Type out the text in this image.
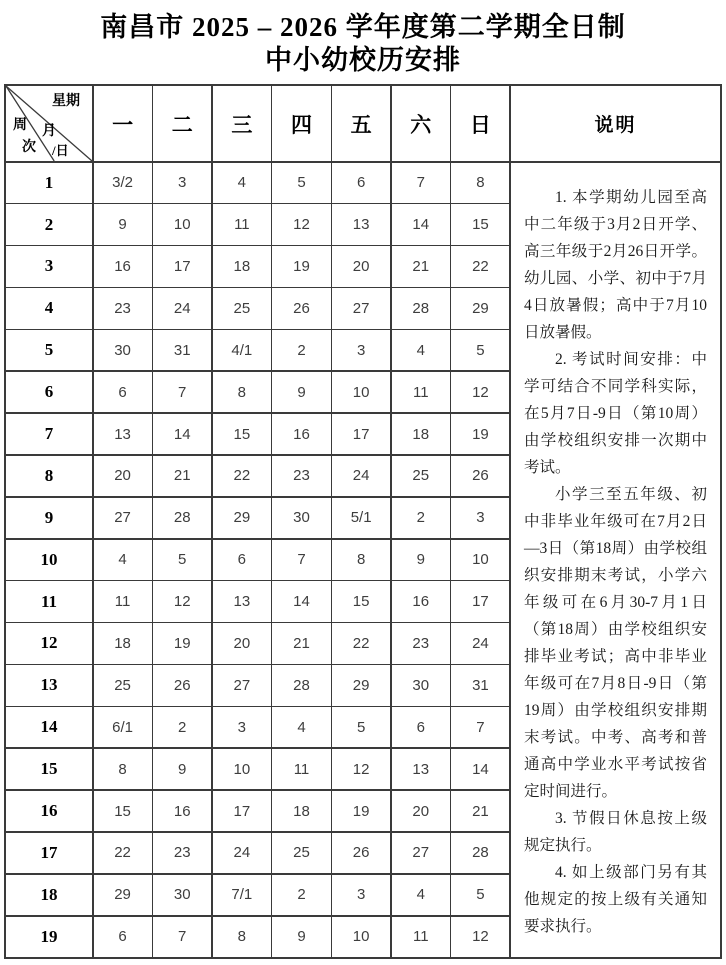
南昌市 2025 – 2026 学年度第二学期全日制
中小幼校历安排
星期
周
次
月
/日
一	二	三	四	五	六	日	说明

1. 本学期幼儿园至高中二年级于3月2日开学、高三年级于2月26日开学。幼儿园、小学、初中于7月4日放暑假；高中于7月10日放暑假。

2. 考试时间安排：中学可结合不同学科实际，在5月7日-9日（第10周）由学校组织安排一次期中考试。

小学三至五年级、初中非毕业年级可在7月2日—3日（第18周）由学校组织安排期末考试，小学六年级可在6月30-7月1日（第18周）由学校组织安排毕业考试；高中非毕业年级可在7月8日-9日（第19周）由学校组织安排期末考试。中考、高考和普通高中学业水平考试按省定时间进行。

3. 节假日休息按上级规定执行。

4. 如上级部门另有其他规定的按上级有关通知要求执行。

1	3/2	3	4	5	6	7	8
2	9	10	11	12	13	14	15
3	16	17	18	19	20	21	22
4	23	24	25	26	27	28	29
5	30	31	4/1	2	3	4	5
6	6	7	8	9	10	11	12
7	13	14	15	16	17	18	19
8	20	21	22	23	24	25	26
9	27	28	29	30	5/1	2	3
10	4	5	6	7	8	9	10
11	11	12	13	14	15	16	17
12	18	19	20	21	22	23	24
13	25	26	27	28	29	30	31
14	6/1	2	3	4	5	6	7
15	8	9	10	11	12	13	14
16	15	16	17	18	19	20	21
17	22	23	24	25	26	27	28
18	29	30	7/1	2	3	4	5
19	6	7	8	9	10	11	12
